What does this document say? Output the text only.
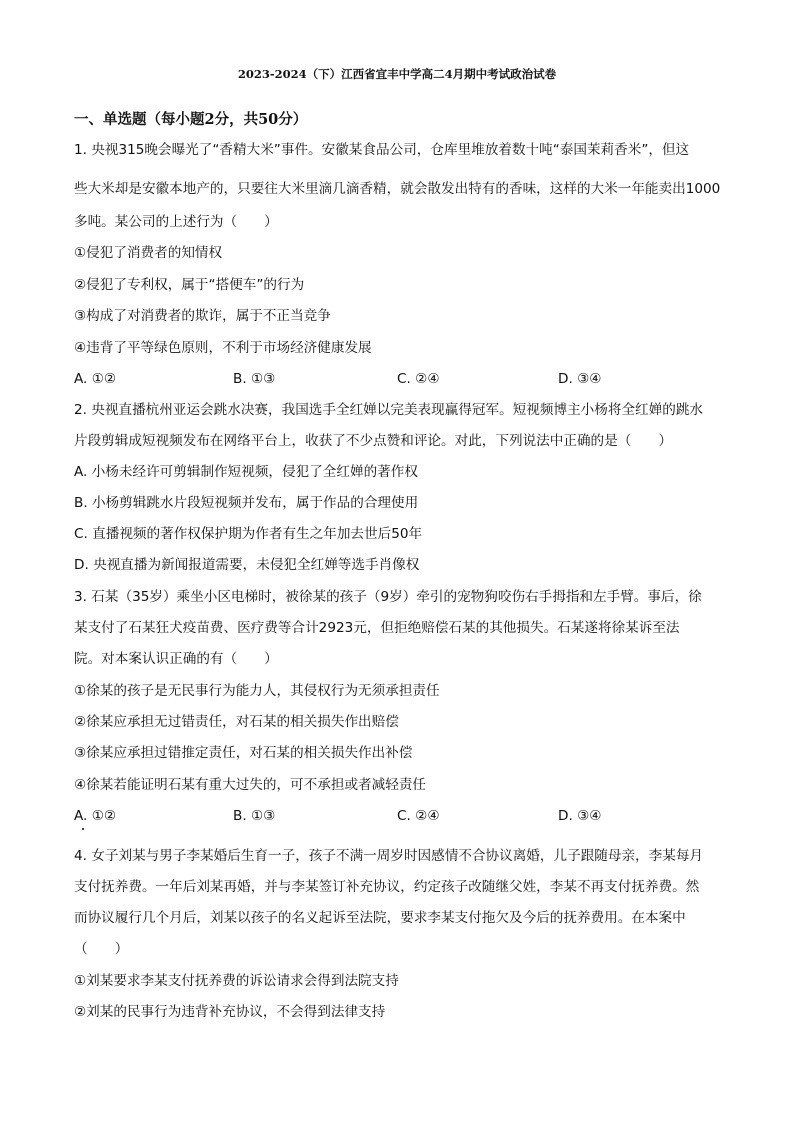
2023-2024（下）江西省宜丰中学高二4月期中考试政治试卷
一、单选题（每小题2分，共50分）
1. 央视315晚会曝光了“香精大米”事件。安徽某食品公司，仓库里堆放着数十吨“泰国茉莉香米”，但这
些大米却是安徽本地产的，只要往大米里滴几滴香精，就会散发出特有的香味，这样的大米一年能卖出1000
多吨。某公司的上述行为（　　）
①侵犯了消费者的知情权
②侵犯了专利权，属于“搭便车”的行为
③构成了对消费者的欺诈，属于不正当竞争
④违背了平等绿色原则，不利于市场经济健康发展
A. ①②	B. ①③	C. ②④	D. ③④
2. 央视直播杭州亚运会跳水决赛，我国选手全红婵以完美表现赢得冠军。短视频博主小杨将全红婵的跳水
片段剪辑成短视频发布在网络平台上，收获了不少点赞和评论。对此，下列说法中正确的是（　　）
A. 小杨未经许可剪辑制作短视频，侵犯了全红婵的著作权
B. 小杨剪辑跳水片段短视频并发布，属于作品的合理使用
C. 直播视频的著作权保护期为作者有生之年加去世后50年
D. 央视直播为新闻报道需要，未侵犯全红婵等选手肖像权
3. 石某（35岁）乘坐小区电梯时，被徐某的孩子（9岁）牵引的宠物狗咬伤右手拇指和左手臂。事后，徐
某支付了石某狂犬疫苗费、医疗费等合计2923元，但拒绝赔偿石某的其他损失。石某遂将徐某诉至法
院。对本案认识正确的有（　　）
①徐某的孩子是无民事行为能力人，其侵权行为无须承担责任
②徐某应承担无过错责任，对石某的相关损失作出赔偿
③徐某应承担过错推定责任，对石某的相关损失作出补偿
④徐某若能证明石某有重大过失的，可不承担或者减轻责任
A. ①②	B. ①③	C. ②④	D. ③④
4. 女子刘某与男子李某婚后生育一子，孩子不满一周岁时因感情不合协议离婚，儿子跟随母亲，李某每月
支付抚养费。一年后刘某再婚，并与李某签订补充协议，约定孩子改随继父姓，李某不再支付抚养费。然
而协议履行几个月后，刘某以孩子的名义起诉至法院，要求李某支付拖欠及今后的抚养费用。在本案中
（　　）
①刘某要求李某支付抚养费的诉讼请求会得到法院支持
②刘某的民事行为违背补充协议，不会得到法律支持
